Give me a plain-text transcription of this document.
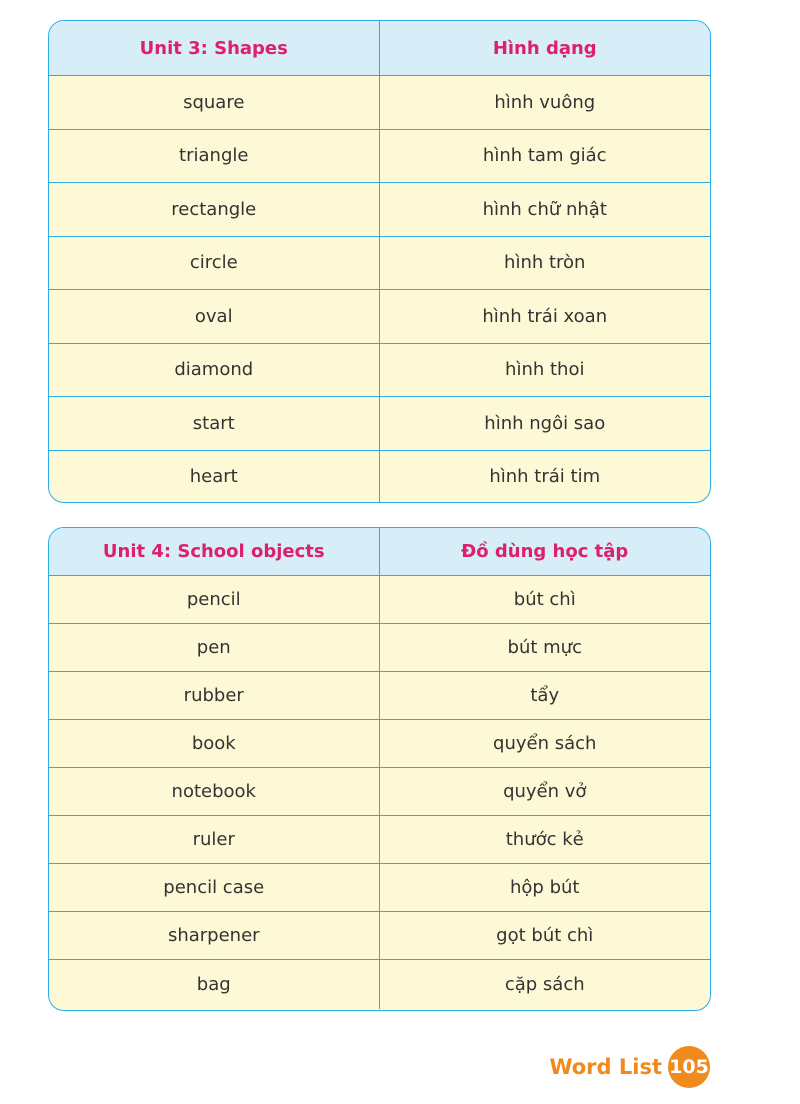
Unit 3: Shapes	Hình dạng
square	hình vuông
triangle	hình tam giác
rectangle	hình chữ nhật
circle	hình tròn
oval	hình trái xoan
diamond	hình thoi
start	hình ngôi sao
heart	hình trái tim
Unit 4: School objects	Đồ dùng học tập
pencil	bút chì
pen	bút mực
rubber	tẩy
book	quyển sách
notebook	quyển vở
ruler	thước kẻ
pencil case	hộp bút
sharpener	gọt bút chì
bag	cặp sách
Word List 105
